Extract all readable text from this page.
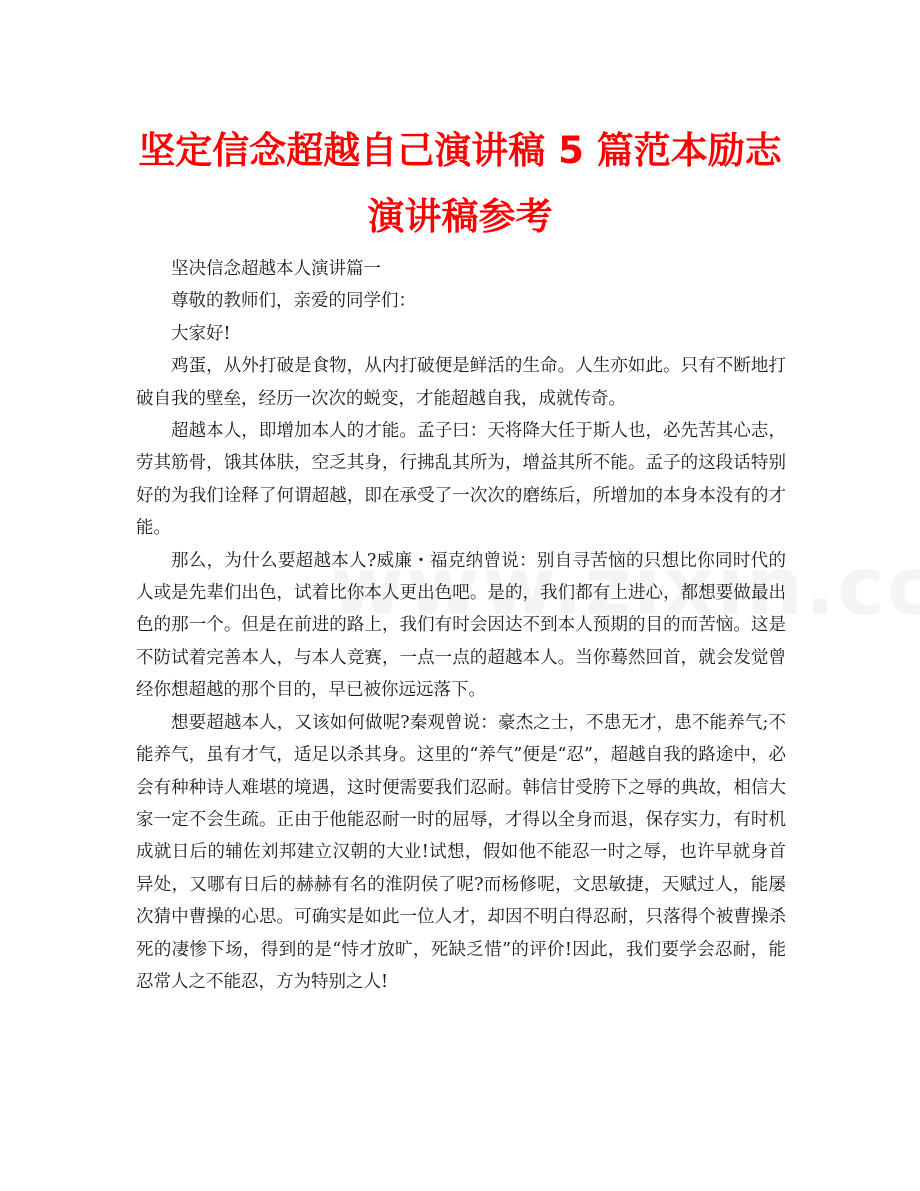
坚定信念超越自己演讲稿 5 篇范本励志演讲稿参考

坚决信念超越本人演讲篇一

尊敬的教师们，亲爱的同学们：

大家好!

鸡蛋，从外打破是食物，从内打破便是鲜活的生命。人生亦如此。只有不断地打破自我的壁垒，经历一次次的蜕变，才能超越自我，成就传奇。

超越本人，即增加本人的才能。孟子曰：天将降大任于斯人也，必先苦其心志，劳其筋骨，饿其体肤，空乏其身，行拂乱其所为，增益其所不能。孟子的这段话特别好的为我们诠释了何谓超越，即在承受了一次次的磨练后，所增加的本身本没有的才能。

那么，为什么要超越本人?威廉・福克纳曾说：别自寻苦恼的只想比你同时代的人或是先辈们出色，试着比你本人更出色吧。是的，我们都有上进心，都想要做最出色的那一个。但是在前进的路上，我们有时会因达不到本人预期的目的而苦恼。这是不防试着完善本人，与本人竞赛，一点一点的超越本人。当你蓦然回首，就会发觉曾经你想超越的那个目的，早已被你远远落下。

想要超越本人，又该如何做呢?秦观曾说：豪杰之士，不患无才，患不能养气;不能养气，虽有才气，适足以杀其身。这里的“养气”便是“忍”，超越自我的路途中，必会有种种诗人难堪的境遇，这时便需要我们忍耐。韩信甘受胯下之辱的典故，相信大家一定不会生疏。正由于他能忍耐一时的屈辱，才得以全身而退，保存实力，有时机成就日后的辅佐刘邦建立汉朝的大业!试想，假如他不能忍一时之辱，也许早就身首异处，又哪有日后的赫赫有名的淮阴侯了呢?而杨修呢，文思敏捷，天赋过人，能屡次猜中曹操的心思。可确实是如此一位人才，却因不明白得忍耐，只落得个被曹操杀死的凄惨下场，得到的是“恃才放旷，死缺乏惜”的评价!因此，我们要学会忍耐，能忍常人之不能忍，方为特别之人!
